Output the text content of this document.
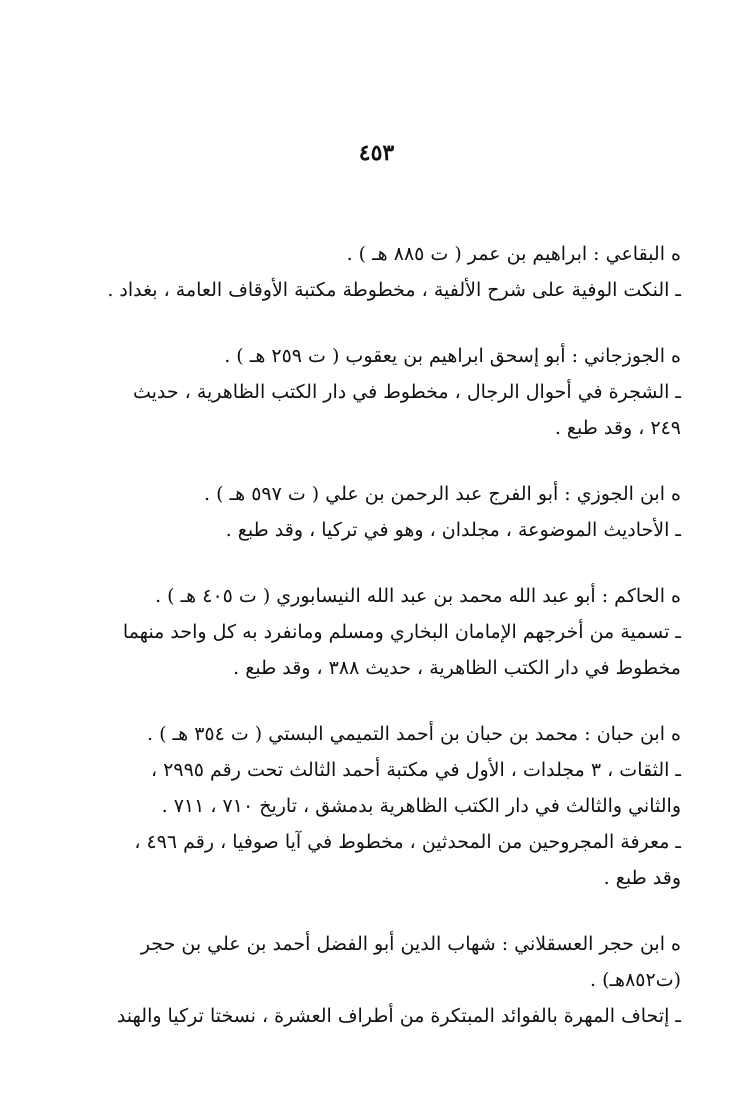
٤٥٣

ه البقاعي : ابراهيم بن عمر ( ت ٨٨٥ هـ ) .

ـ النكت الوفية على شرح الألفية ، مخطوطة مكتبة الأوقاف العامة ، بغداد .

ه الجوزجاني : أبو إسحق ابراهيم بن يعقوب ( ت ٢٥٩ هـ ) .

ـ الشجرة في أحوال الرجال ، مخطوط في دار الكتب الظاهرية ، حديث

٢٤٩ ، وقد طبع .

ه ابن الجوزي : أبو الفرج عبد الرحمن بن علي ( ت ٥٩٧ هـ ) .

ـ الأحاديث الموضوعة ، مجلدان ، وهو في تركيا ، وقد طبع .

ه الحاكم : أبو عبد الله محمد بن عبد الله النيسابوري ( ت ٤٠٥ هـ ) .

ـ تسمية من أخرجهم الإمامان البخاري ومسلم ومانفرد به كل واحد منهما

مخطوط في دار الكتب الظاهرية ، حديث ٣٨٨ ، وقد طبع .

ه ابن حبان : محمد بن حبان بن أحمد التميمي البستي ( ت ٣٥٤ هـ ) .

ـ الثقات ، ٣ مجلدات ، الأول في مكتبة أحمد الثالث تحت رقم ٢٩٩٥ ،

والثاني والثالث في دار الكتب الظاهرية بدمشق ، تاريخ ٧١٠ ، ٧١١ .

ـ معرفة المجروحين من المحدثين ، مخطوط في آيا صوفيا ، رقم ٤٩٦ ،

وقد طبع .

ه ابن حجر العسقلاني : شهاب الدين أبو الفضل أحمد بن علي بن حجر

(ت٨٥٢هـ) .

ـ إتحاف المهرة بالفوائد المبتكرة من أطراف العشرة ، نسختا تركيا والهند
